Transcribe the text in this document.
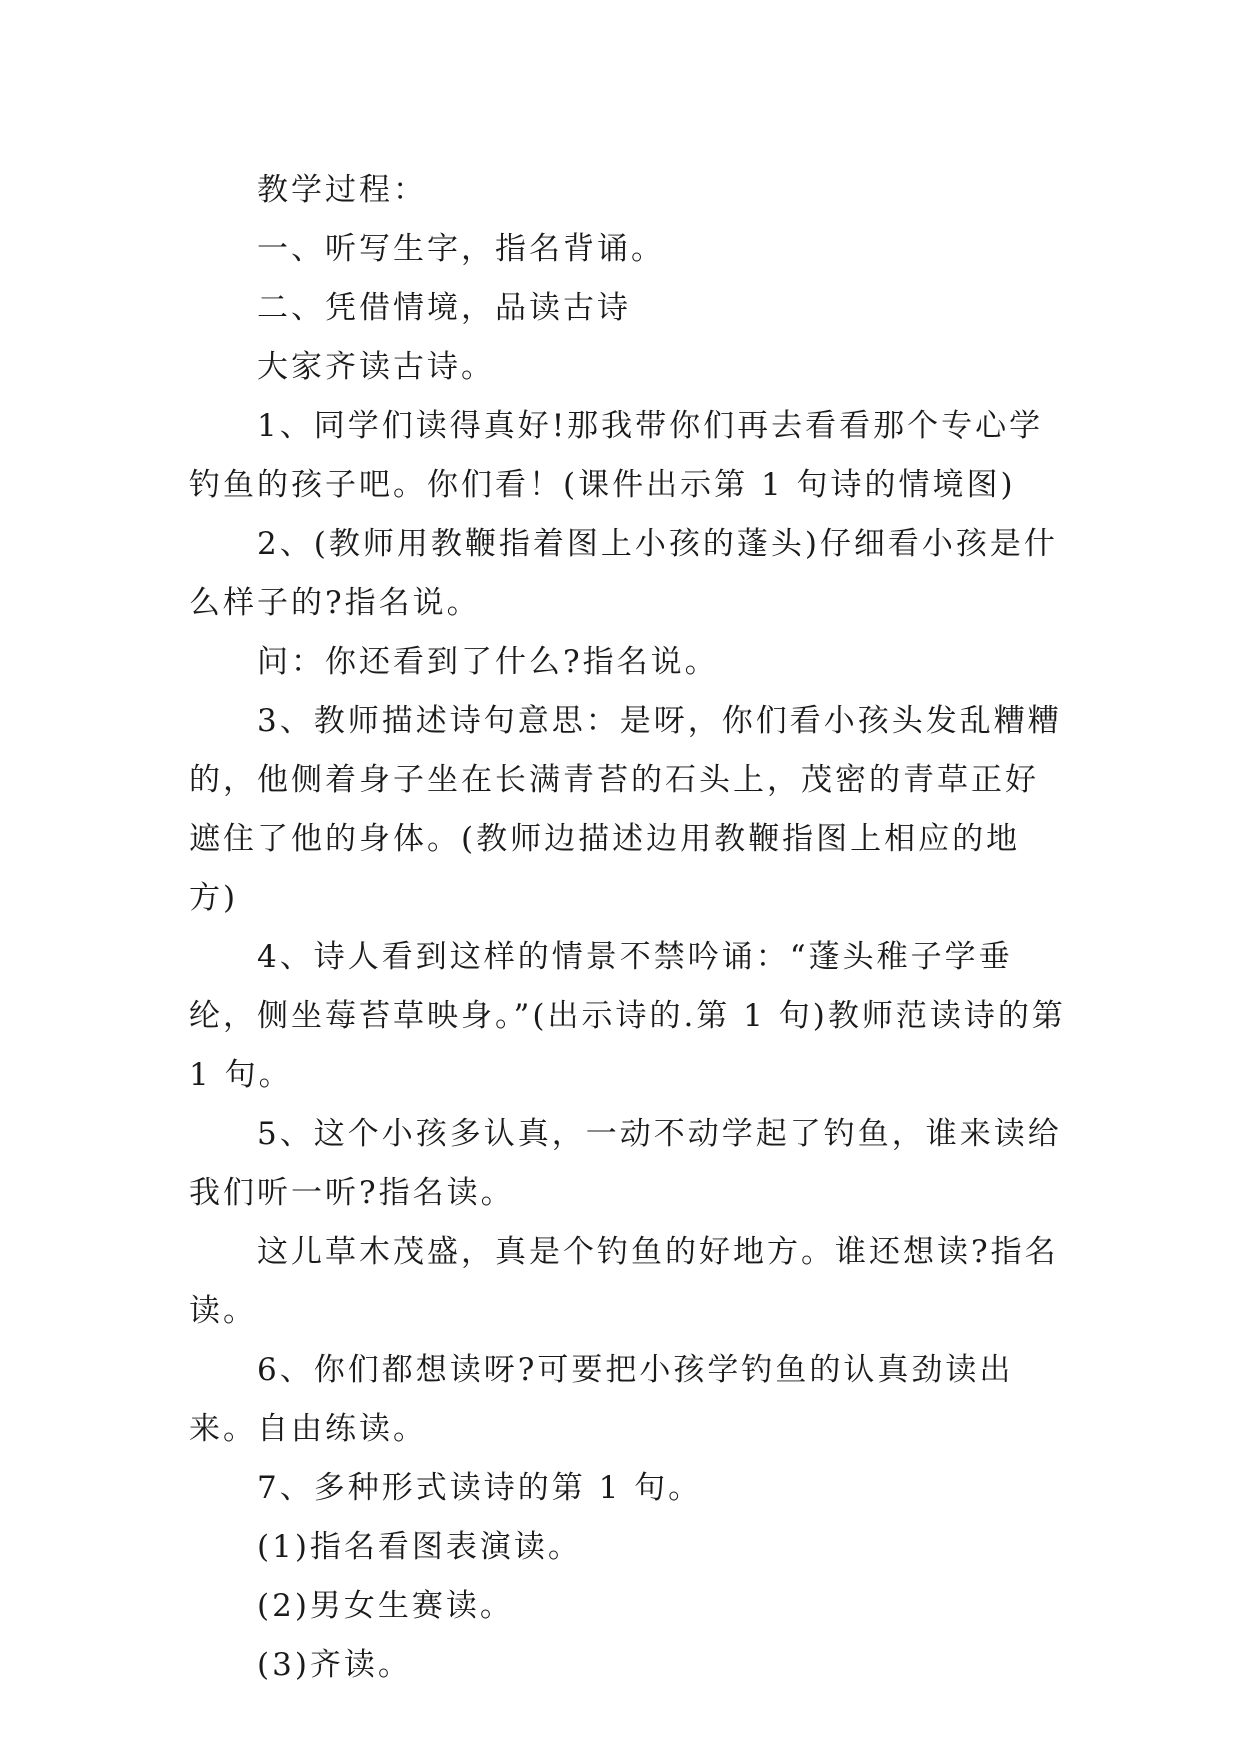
教学过程：

一、听写生字，指名背诵。

二、凭借情境，品读古诗

大家齐读古诗。

1、同学们读得真好!那我带你们再去看看那个专心学钓鱼的孩子吧。你们看！(课件出示第 1 句诗的情境图)

2、(教师用教鞭指着图上小孩的蓬头)仔细看小孩是什么样子的?指名说。

问：你还看到了什么?指名说。

3、教师描述诗句意思：是呀，你们看小孩头发乱糟糟的，他侧着身子坐在长满青苔的石头上，茂密的青草正好遮住了他的身体。(教师边描述边用教鞭指图上相应的地方)

4、诗人看到这样的情景不禁吟诵：“蓬头稚子学垂纶，侧坐莓苔草映身。”(出示诗的.第 1 句)教师范读诗的第 1 句。

5、这个小孩多认真，一动不动学起了钓鱼，谁来读给我们听一听?指名读。

这儿草木茂盛，真是个钓鱼的好地方。谁还想读?指名读。

6、你们都想读呀?可要把小孩学钓鱼的认真劲读出来。自由练读。

7、多种形式读诗的第 1 句。

(1)指名看图表演读。

(2)男女生赛读。

(3)齐读。
